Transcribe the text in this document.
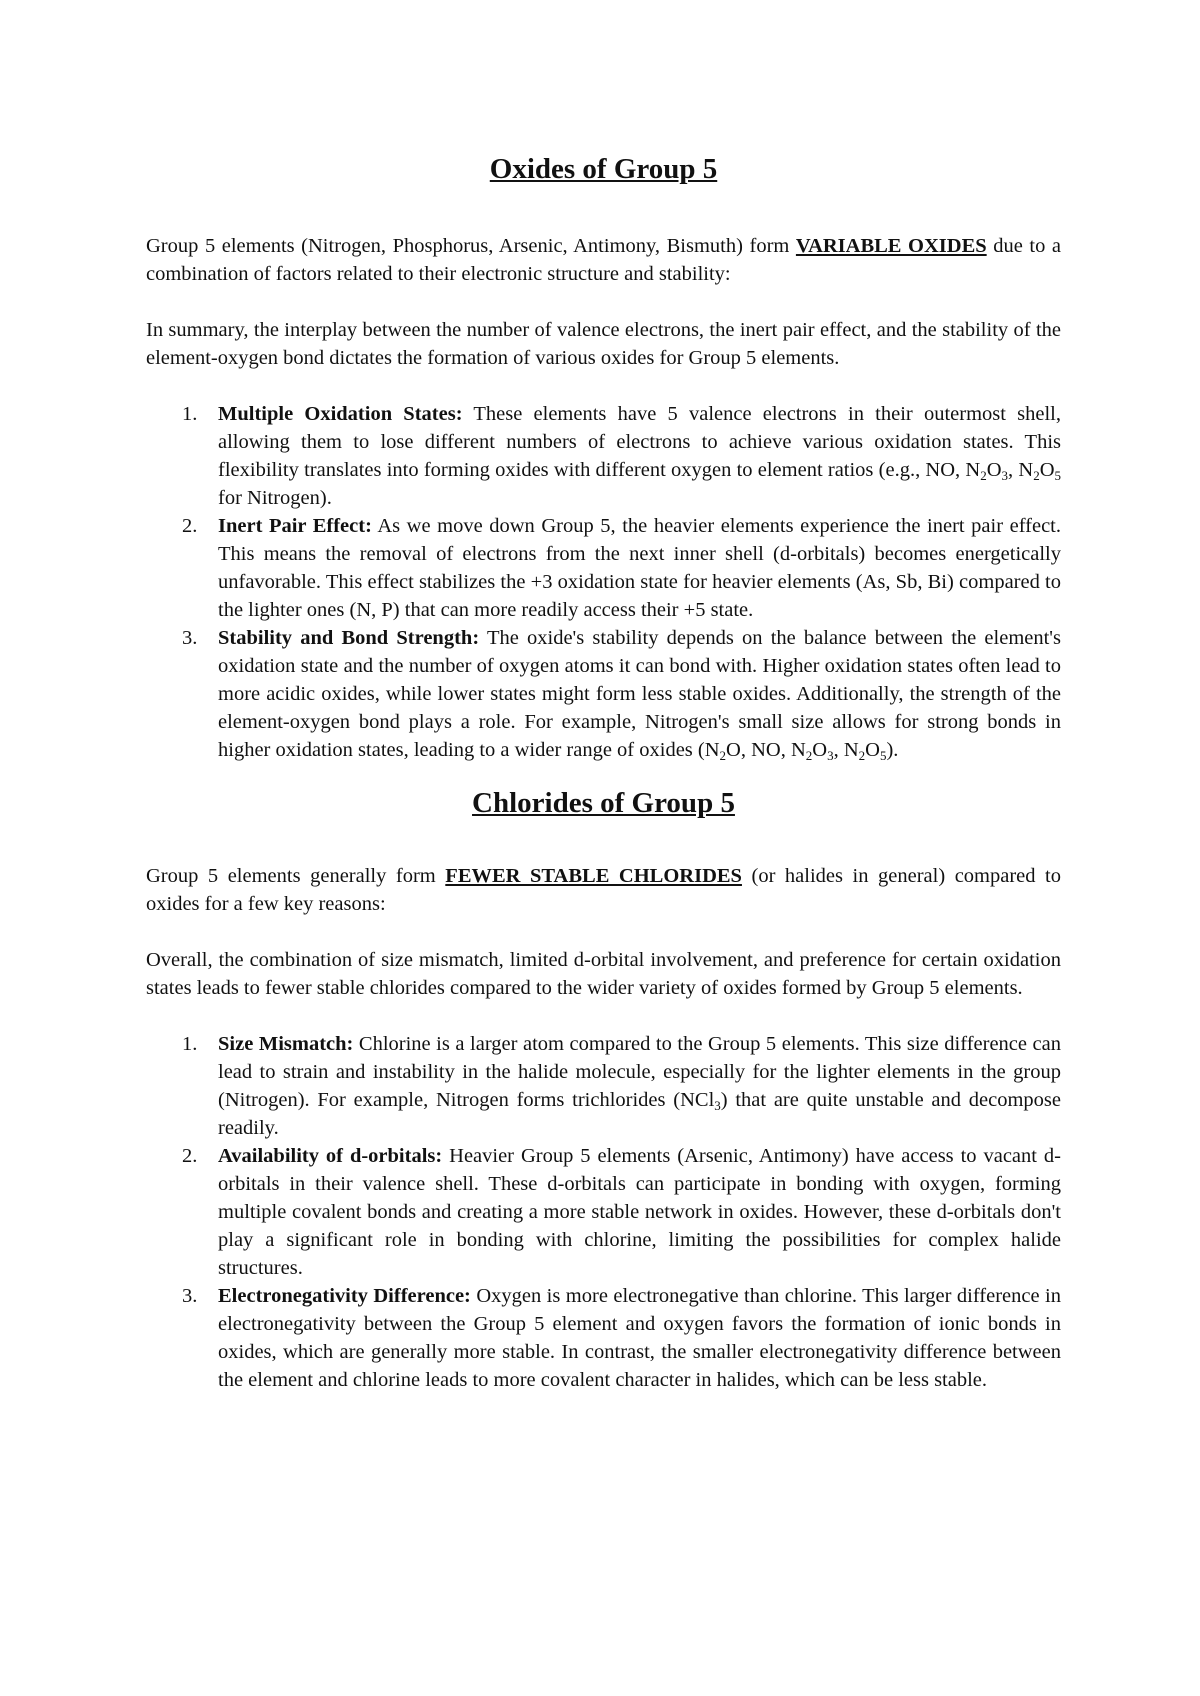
Oxides of Group 5

Group 5 elements (Nitrogen, Phosphorus, Arsenic, Antimony, Bismuth) form VARIABLE OXIDES due to a combination of factors related to their electronic structure and stability:

In summary, the interplay between the number of valence electrons, the inert pair effect, and the stability of the element-oxygen bond dictates the formation of various oxides for Group 5 elements.

1. Multiple Oxidation States: These elements have 5 valence electrons in their outermost shell, allowing them to lose different numbers of electrons to achieve various oxidation states. This flexibility translates into forming oxides with different oxygen to element ratios (e.g., NO, $N_2O_3$, $N_2O_5$ for Nitrogen).
2. Inert Pair Effect: As we move down Group 5, the heavier elements experience the inert pair effect. This means the removal of electrons from the next inner shell (d-orbitals) becomes energetically unfavorable. This effect stabilizes the +3 oxidation state for heavier elements (As, Sb, Bi) compared to the lighter ones (N, P) that can more readily access their +5 state.
3. Stability and Bond Strength: The oxide's stability depends on the balance between the element's oxidation state and the number of oxygen atoms it can bond with. Higher oxidation states often lead to more acidic oxides, while lower states might form less stable oxides. Additionally, the strength of the element-oxygen bond plays a role. For example, Nitrogen's small size allows for strong bonds in higher oxidation states, leading to a wider range of oxides ($N_2O$, NO, $N_2O_3$, $N_2O_5$).
Chlorides of Group 5

Group 5 elements generally form FEWER STABLE CHLORIDES (or halides in general) compared to oxides for a few key reasons:

Overall, the combination of size mismatch, limited d-orbital involvement, and preference for certain oxidation states leads to fewer stable chlorides compared to the wider variety of oxides formed by Group 5 elements.

1. Size Mismatch: Chlorine is a larger atom compared to the Group 5 elements. This size difference can lead to strain and instability in the halide molecule, especially for the lighter elements in the group (Nitrogen). For example, Nitrogen forms trichlorides (NCl$_3$) that are quite unstable and decompose readily.
2. Availability of d-orbitals: Heavier Group 5 elements (Arsenic, Antimony) have access to vacant d-orbitals in their valence shell. These d-orbitals can participate in bonding with oxygen, forming multiple covalent bonds and creating a more stable network in oxides. However, these d-orbitals don't play a significant role in bonding with chlorine, limiting the possibilities for complex halide structures.
3. Electronegativity Difference: Oxygen is more electronegative than chlorine. This larger difference in electronegativity between the Group 5 element and oxygen favors the formation of ionic bonds in oxides, which are generally more stable. In contrast, the smaller electronegativity difference between the element and chlorine leads to more covalent character in halides, which can be less stable.
